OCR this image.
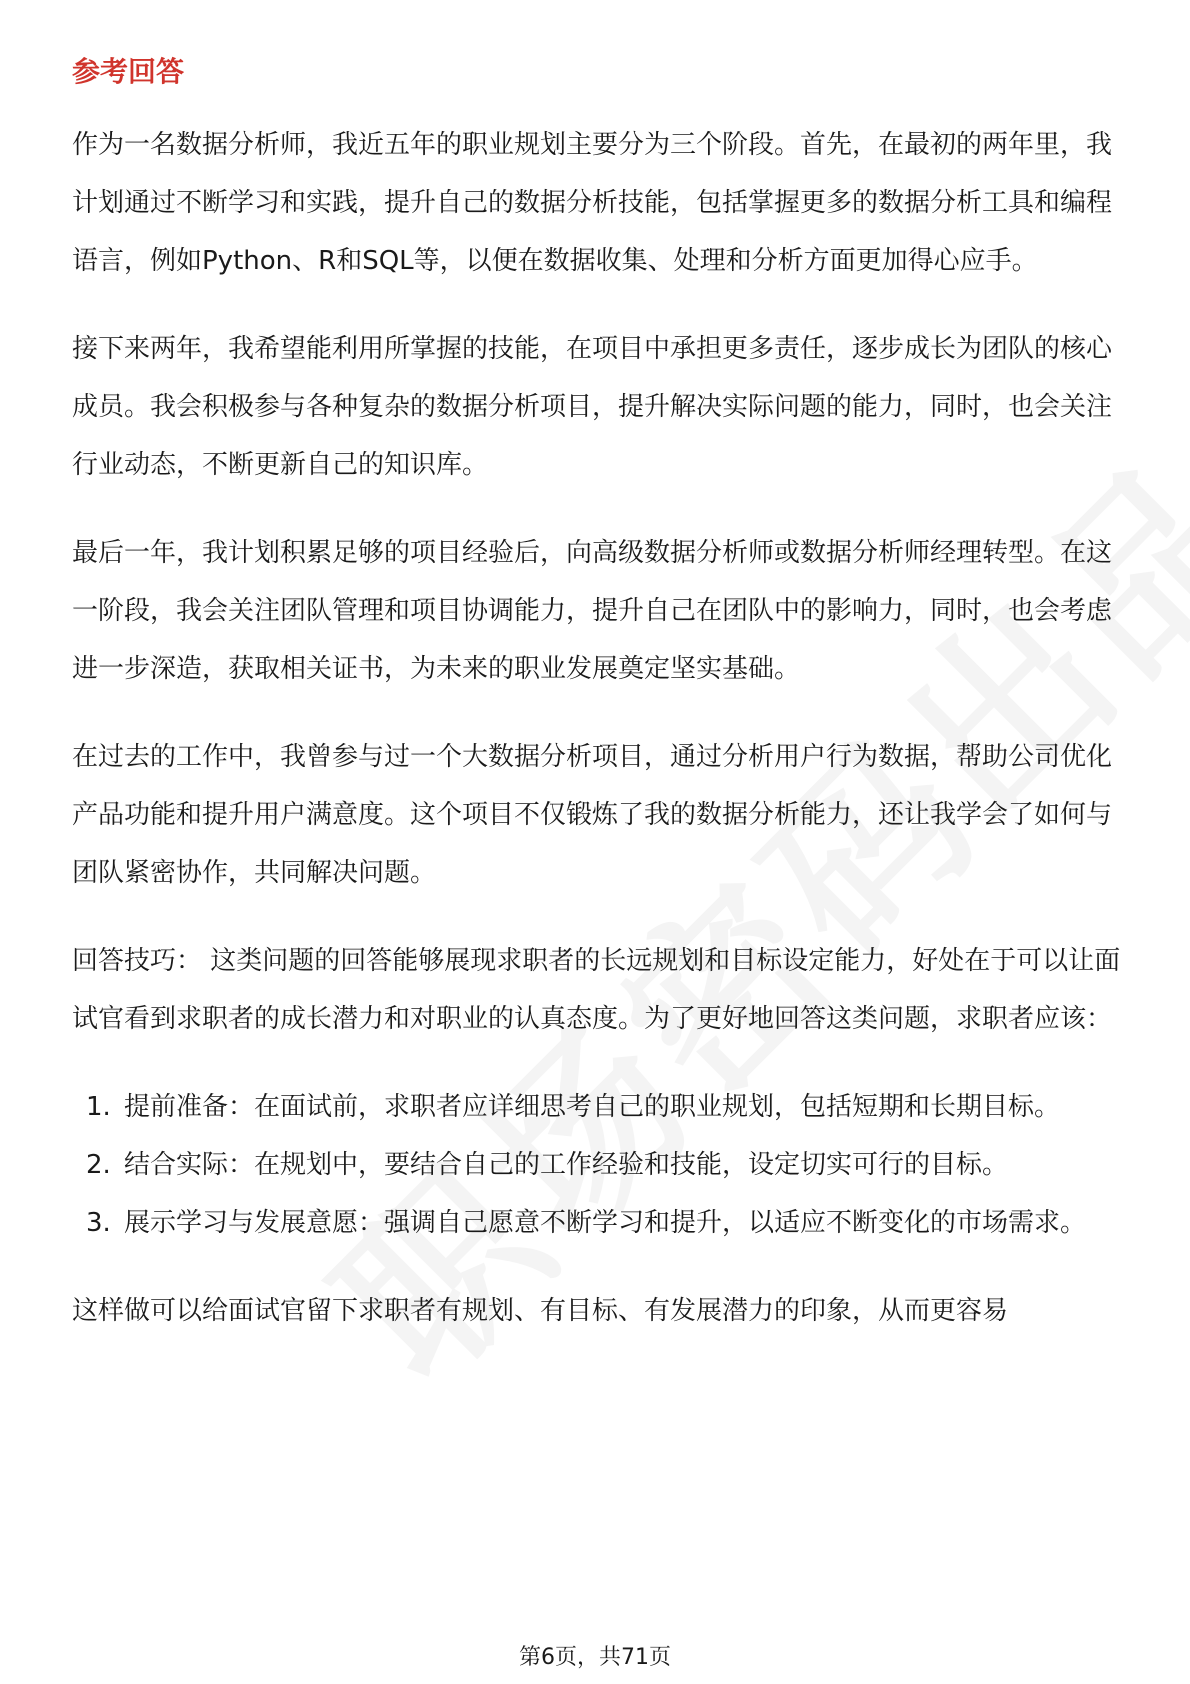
参考回答

作为一名数据分析师，我近五年的职业规划主要分为三个阶段。首先，在最初的两年里，我计划通过不断学习和实践，提升自己的数据分析技能，包括掌握更多的数据分析工具和编程语言，例如Python、R和SQL等，以便在数据收集、处理和分析方面更加得心应手。

接下来两年，我希望能利用所掌握的技能，在项目中承担更多责任，逐步成长为团队的核心成员。我会积极参与各种复杂的数据分析项目，提升解决实际问题的能力，同时，也会关注行业动态，不断更新自己的知识库。

最后一年，我计划积累足够的项目经验后，向高级数据分析师或数据分析师经理转型。在这一阶段，我会关注团队管理和项目协调能力，提升自己在团队中的影响力，同时，也会考虑进一步深造，获取相关证书，为未来的职业发展奠定坚实基础。

在过去的工作中，我曾参与过一个大数据分析项目，通过分析用户行为数据，帮助公司优化产品功能和提升用户满意度。这个项目不仅锻炼了我的数据分析能力，还让我学会了如何与团队紧密协作，共同解决问题。

回答技巧： 这类问题的回答能够展现求职者的长远规划和目标设定能力，好处在于可以让面试官看到求职者的成长潜力和对职业的认真态度。为了更好地回答这类问题，求职者应该：

1. 提前准备：在面试前，求职者应详细思考自己的职业规划，包括短期和长期目标。
2. 结合实际：在规划中，要结合自己的工作经验和技能，设定切实可行的目标。
3. 展示学习与发展意愿：强调自己愿意不断学习和提升，以适应不断变化的市场需求。

这样做可以给面试官留下求职者有规划、有目标、有发展潜力的印象，从而更容易

第6页，共71页
